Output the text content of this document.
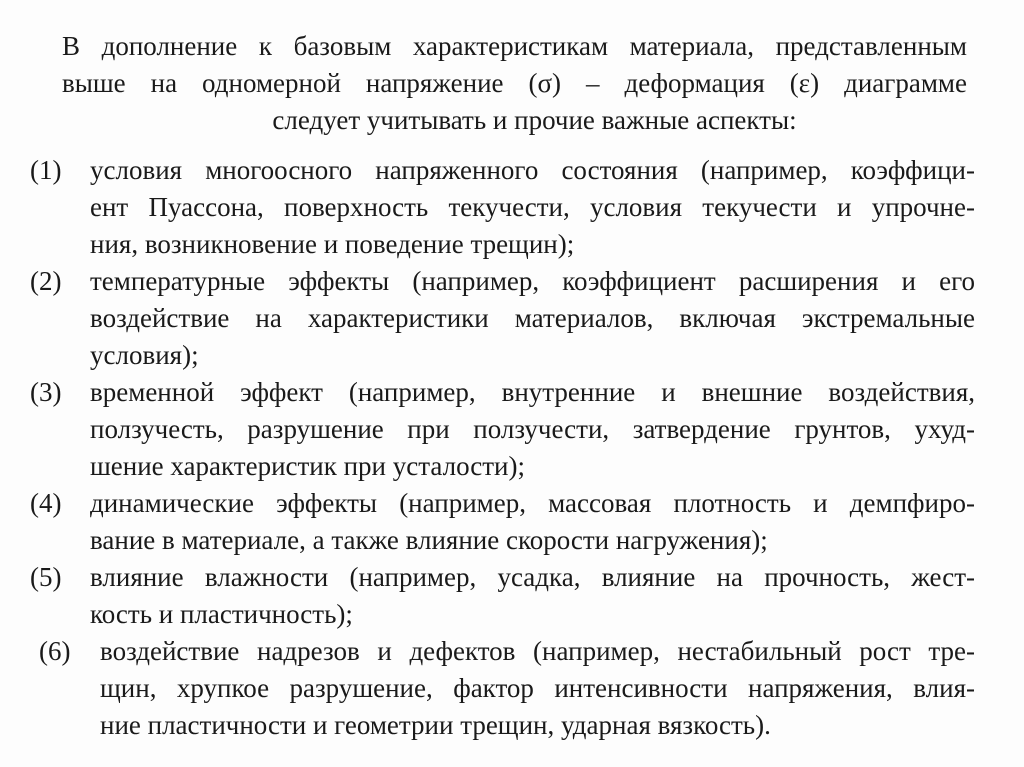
В дополнение к базовым характеристикам материала, представленным
выше на одномерной напряжение (σ) – деформация (ε) диаграмме
следует учитывать и прочие важные аспекты:
(1) условия многоосного напряженного состояния (например, коэффици-
ент Пуассона, поверхность текучести, условия текучести и упрочне-
ния, возникновение и поведение трещин);
(2) температурные эффекты (например, коэффициент расширения и его
воздействие на характеристики материалов, включая экстремальные
условия);
(3) временной эффект (например, внутренние и внешние воздействия,
ползучесть, разрушение при ползучести, затвердение грунтов, ухуд-
шение характеристик при усталости);
(4) динамические эффекты (например, массовая плотность и демпфиро-
вание в материале, а также влияние скорости нагружения);
(5) влияние влажности (например, усадка, влияние на прочность, жест-
кость и пластичность);
(6) воздействие надрезов и дефектов (например, нестабильный рост тре-
щин, хрупкое разрушение, фактор интенсивности напряжения, влия-
ние пластичности и геометрии трещин, ударная вязкость).
